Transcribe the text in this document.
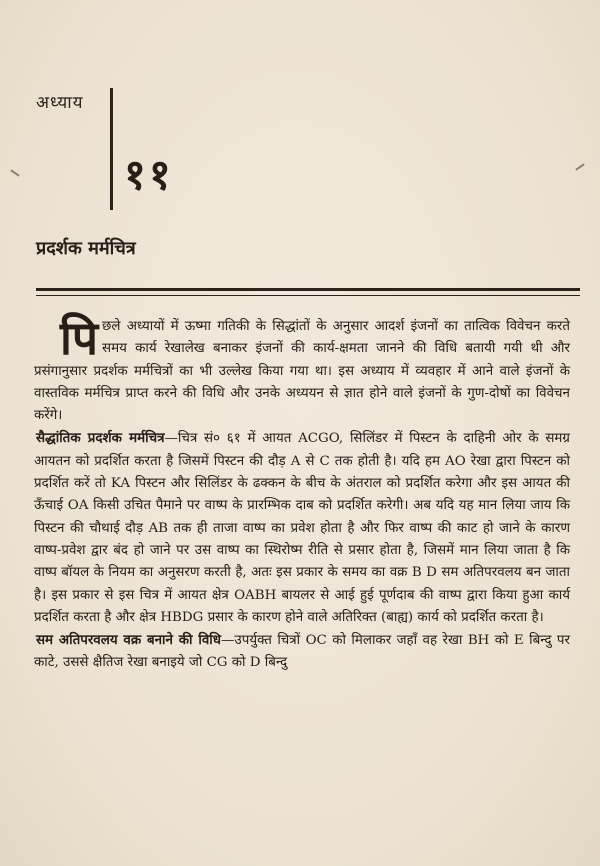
अध्याय
११
प्रदर्शक मर्मचित्र

पिछले अध्यायों में ऊष्मा गतिकी के सिद्धांतों के अनुसार आदर्श इंजनों का तात्विक विवेचन करते समय कार्य रेखालेख बनाकर इंजनों की कार्य-क्षमता जानने की विधि बतायी गयी थी और प्रसंगानुसार प्रदर्शक मर्मचित्रों का भी उल्लेख किया गया था। इस अध्याय में व्यवहार में आने वाले इंजनों के वास्तविक मर्मचित्र प्राप्त करने की विधि और उनके अध्ययन से ज्ञात होने वाले इंजनों के गुण-दोषों का विवेचन करेंगे।

सैद्धांतिक प्रदर्शक मर्मचित्र—चित्र सं० ६१ में आयत ACGO, सिलिंडर में पिस्टन के दाहिनी ओर के समग्र आयतन को प्रदर्शित करता है जिसमें पिस्टन की दौड़ A से C तक होती है। यदि हम AO रेखा द्वारा पिस्टन को प्रदर्शित करें तो KA पिस्टन और सिलिंडर के ढक्कन के बीच के अंतराल को प्रदर्शित करेगा और इस आयत की ऊँचाई OA किसी उचित पैमाने पर वाष्प के प्रारम्भिक दाब को प्रदर्शित करेगी। अब यदि यह मान लिया जाय कि पिस्टन की चौथाई दौड़ AB तक ही ताजा वाष्प का प्रवेश होता है और फिर वाष्प की काट हो जाने के कारण वाष्प-प्रवेश द्वार बंद हो जाने पर उस वाष्प का स्थिरोष्म रीति से प्रसार होता है, जिसमें मान लिया जाता है कि वाष्प बॉयल के नियम का अनुसरण करती है, अतः इस प्रकार के समय का वक्र B D सम अतिपरवलय बन जाता है। इस प्रकार से इस चित्र में आयत क्षेत्र OABH बायलर से आई हुई पूर्णदाब की वाष्प द्वारा किया हुआ कार्य प्रदर्शित करता है और क्षेत्र HBDG प्रसार के कारण होने वाले अतिरिक्त (बाह्य) कार्य को प्रदर्शित करता है।

सम अतिपरवलय वक्र बनाने की विधि—उपर्युक्त चित्रों OC को मिलाकर जहाँ वह रेखा BH को E बिन्दु पर काटे, उससे क्षैतिज रेखा बनाइये जो CG को D बिन्दु
